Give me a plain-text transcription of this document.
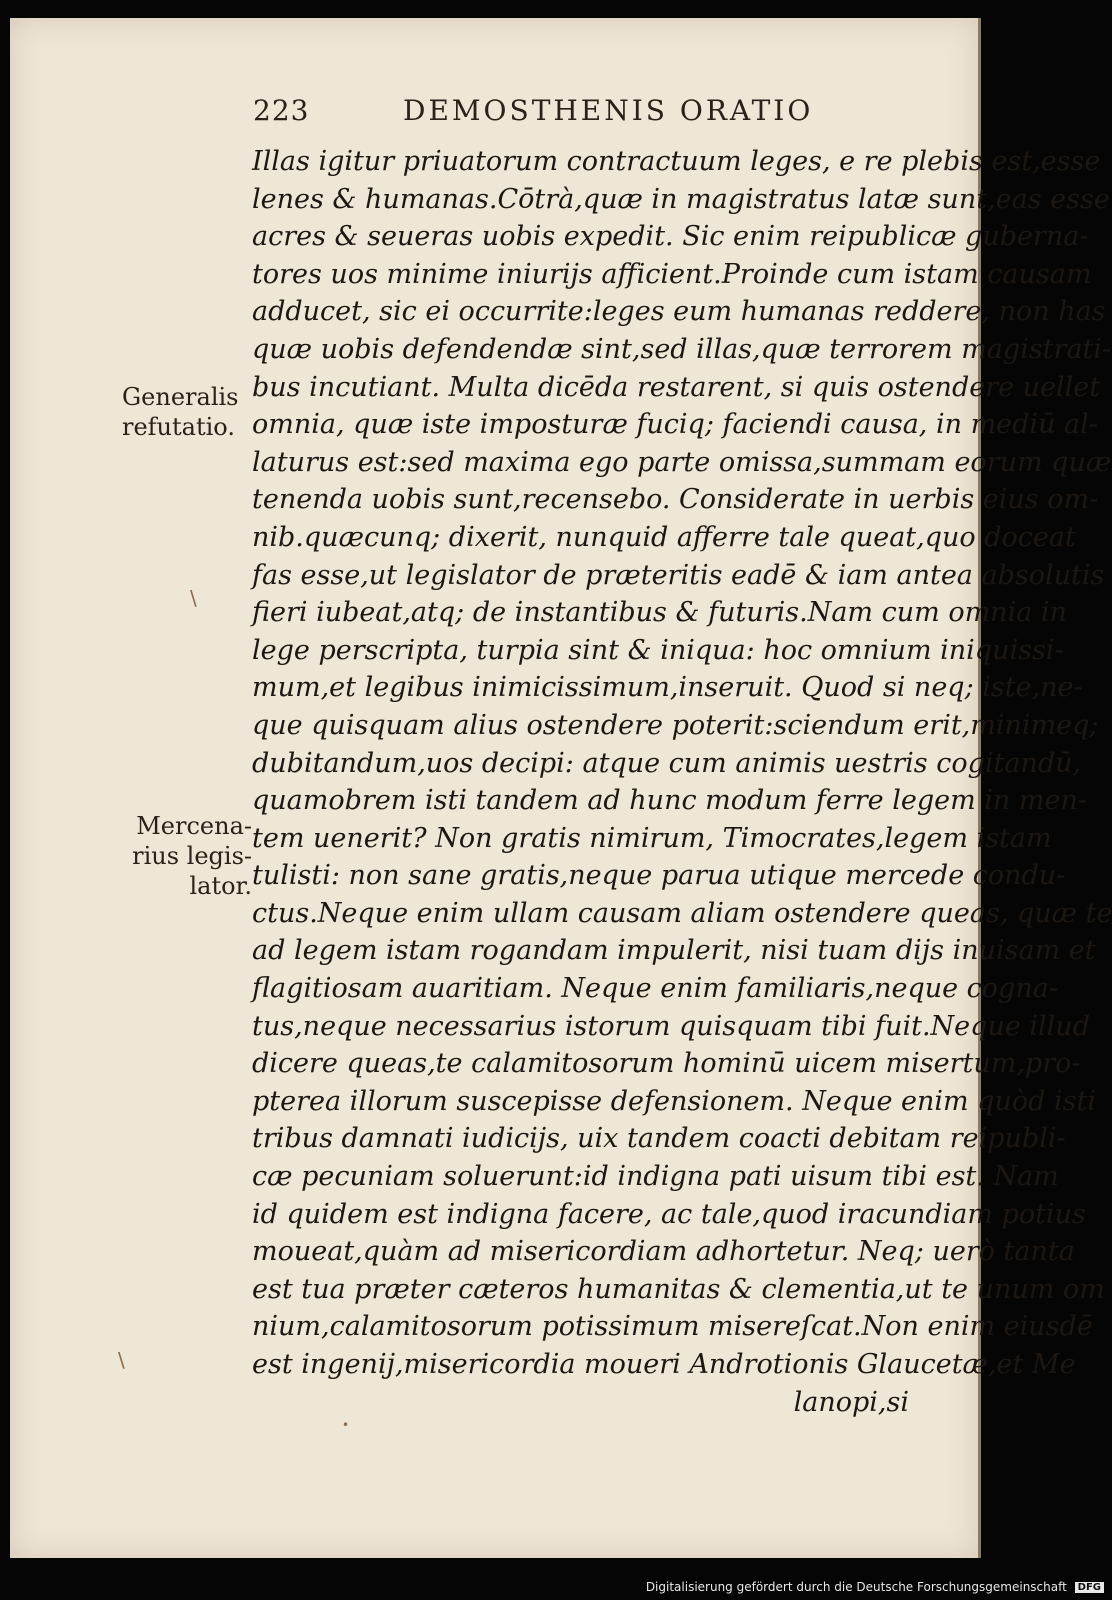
223	DEMOSTHENIS ORATIO
Generalis
refutatio.
Mercena-
rius legis-
lator.
\
\
•
Illas igitur priuatorum contractuum leges, e re plebis est,esse
lenes & humanas.Cōtrà,quæ in magistratus latæ sunt,eas esse
acres & seueras uobis expedit. Sic enim reipublicæ guberna-
tores uos minime iniurijs afficient.Proinde cum istam causam
adducet, sic ei occurrite:leges eum humanas reddere, non has
quæ uobis defendendæ sint,sed illas,quæ terrorem magistrati-
bus incutiant. Multa dicēda restarent, si quis ostendere uellet
omnia, quæ iste imposturæ fuciq; faciendi causa, in mediū al-
laturus est:sed maxima ego parte omissa,summam eorum quæ
tenenda uobis sunt,recensebo. Considerate in uerbis eius om-
nib.quæcunq; dixerit, nunquid afferre tale queat,quo doceat
fas esse,ut legislator de præteritis eadē & iam antea absolutis
fieri iubeat,atq; de instantibus & futuris.Nam cum omnia in
lege perscripta, turpia sint & iniqua: hoc omnium iniquissi-
mum,et legibus inimicissimum,inseruit. Quod si neq; iste,ne-
que quisquam alius ostendere poterit:sciendum erit,minimeq;
dubitandum,uos decipi: atque cum animis uestris cogitandū,
quamobrem isti tandem ad hunc modum ferre legem in men-
tem uenerit? Non gratis nimirum, Timocrates,legem istam
tulisti: non sane gratis,neque parua utique mercede condu-
ctus.Neque enim ullam causam aliam ostendere queas, quæ te
ad legem istam rogandam impulerit, nisi tuam dijs inuisam et
flagitiosam auaritiam. Neque enim familiaris,neque cogna-
tus,neque necessarius istorum quisquam tibi fuit.Neque illud
dicere queas,te calamitosorum hominū uicem misertum,pro-
pterea illorum suscepisse defensionem. Neque enim quòd isti
tribus damnati iudicijs, uix tandem coacti debitam reipubli-
cæ pecuniam soluerunt:id indigna pati uisum tibi est. Nam
id quidem est indigna facere, ac tale,quod iracundiam potius
moueat,quàm ad misericordiam adhortetur. Neq; uerò tanta
est tua præter cæteros humanitas & clementia,ut te unum om
nium,calamitosorum potissimum misereſcat.Non enim eiusdē
est ingenij,misericordia moueri Androtionis Glaucetæ,et Me
lanopi,si
Digitalisierung gefördert durch die Deutsche Forschungsgemeinschaft DFG
